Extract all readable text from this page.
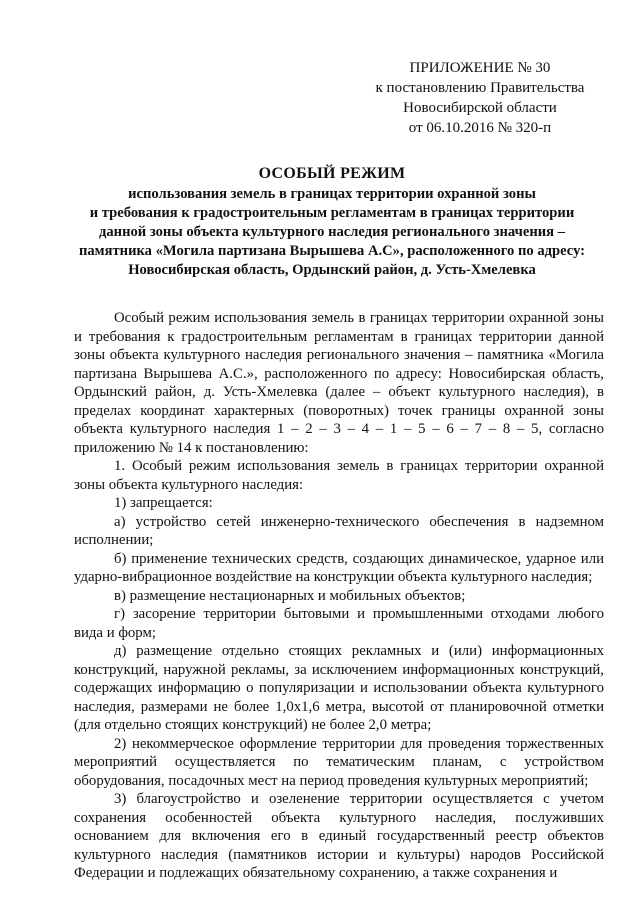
ПРИЛОЖЕНИЕ № 30
к постановлению Правительства
Новосибирской области
от 06.10.2016 № 320-п
ОСОБЫЙ РЕЖИМ
использования земель в границах территории охранной зоны
и требования к градостроительным регламентам в границах территории
данной зоны объекта культурного наследия регионального значения –
памятника «Могила партизана Вырышева А.С», расположенного по адресу:
Новосибирская область, Ордынский район, д. Усть-Хмелевка

Особый режим использования земель в границах территории охранной зоны и требования к градостроительным регламентам в границах территории данной зоны объекта культурного наследия регионального значения – памятника «Могила партизана Вырышева А.С.», расположенного по адресу: Новосибирская область, Ордынский район, д. Усть-Хмелевка (далее – объект культурного наследия), в пределах координат характерных (поворотных) точек границы охранной зоны объекта культурного наследия 1 – 2 – 3 – 4 – 1 – 5 – 6 – 7 – 8 – 5, согласно приложению № 14 к постановлению:

1. Особый режим использования земель в границах территории охранной зоны объекта культурного наследия:

1) запрещается:

а) устройство сетей инженерно-технического обеспечения в надземном исполнении;

б) применение технических средств, создающих динамическое, ударное или ударно-вибрационное воздействие на конструкции объекта культурного наследия;

в) размещение нестационарных и мобильных объектов;

г) засорение территории бытовыми и промышленными отходами любого вида и форм;

д) размещение отдельно стоящих рекламных и (или) информационных конструкций, наружной рекламы, за исключением информационных конструкций, содержащих информацию о популяризации и использовании объекта культурного наследия, размерами не более 1,0х1,6 метра, высотой от планировочной отметки (для отдельно стоящих конструкций) не более 2,0 метра;

2) некоммерческое оформление территории для проведения торжественных мероприятий осуществляется по тематическим планам, с устройством оборудования, посадочных мест на период проведения культурных мероприятий;

3) благоустройство и озеленение территории осуществляется с учетом сохранения особенностей объекта культурного наследия, послуживших основанием для включения его в единый государственный реестр объектов культурного наследия (памятников истории и культуры) народов Российской Федерации и подлежащих обязательному сохранению, а также сохранения и
